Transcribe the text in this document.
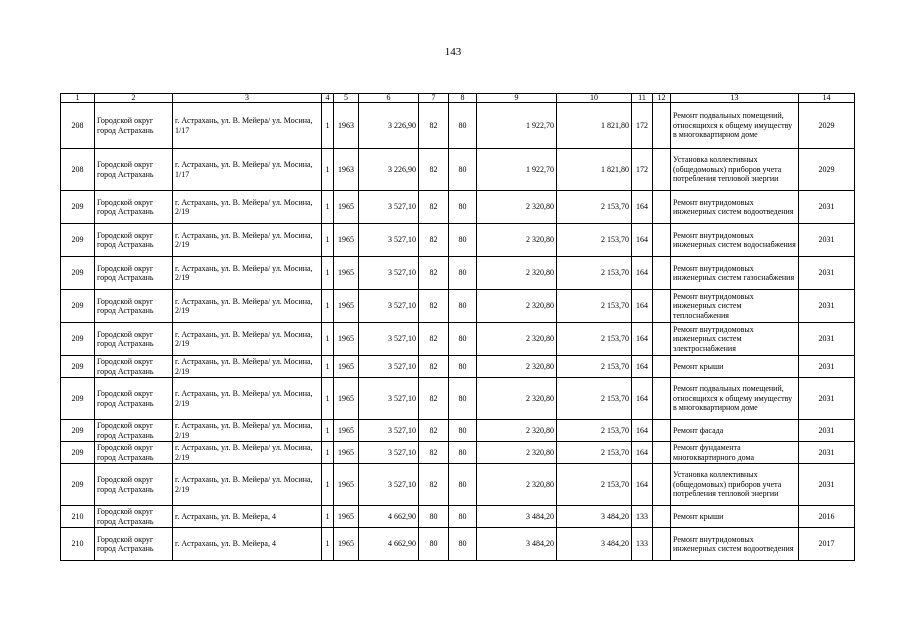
143
1	2	3	4	5	6	7	8	9	10	11	12	13	14
208	Городской округ город Астрахань	г. Астрахань, ул. В. Мейера/ ул. Мосина, 1/17	1	1963	3 226,90	82	80	1 922,70	1 821,80	172		Ремонт подвальных помещений, относящихся к общему имуществу в многоквартирном доме	2029
208	Городской округ город Астрахань	г. Астрахань, ул. В. Мейера/ ул. Мосина, 1/17	1	1963	3 226,90	82	80	1 922,70	1 821,80	172		Установка коллективных (общедомовых) приборов учета потребления тепловой энергии	2029
209	Городской округ город Астрахань	г. Астрахань, ул. В. Мейера/ ул. Мосина, 2/19	1	1965	3 527,10	82	80	2 320,80	2 153,70	164		Ремонт внутридомовых инженерных систем водоотведения	2031
209	Городской округ город Астрахань	г. Астрахань, ул. В. Мейера/ ул. Мосина, 2/19	1	1965	3 527,10	82	80	2 320,80	2 153,70	164		Ремонт внутридомовых инженерных систем водоснабжения	2031
209	Городской округ город Астрахань	г. Астрахань, ул. В. Мейера/ ул. Мосина, 2/19	1	1965	3 527,10	82	80	2 320,80	2 153,70	164		Ремонт внутридомовых инженерных систем газоснабжения	2031
209	Городской округ город Астрахань	г. Астрахань, ул. В. Мейера/ ул. Мосина, 2/19	1	1965	3 527,10	82	80	2 320,80	2 153,70	164		Ремонт внутридомовых инженерных систем теплоснабжения	2031
209	Городской округ город Астрахань	г. Астрахань, ул. В. Мейера/ ул. Мосина, 2/19	1	1965	3 527,10	82	80	2 320,80	2 153,70	164		Ремонт внутридомовых инженерных систем электроснабжения	2031
209	Городской округ город Астрахань	г. Астрахань, ул. В. Мейера/ ул. Мосина, 2/19	1	1965	3 527,10	82	80	2 320,80	2 153,70	164		Ремонт крыши	2031
209	Городской округ город Астрахань	г. Астрахань, ул. В. Мейера/ ул. Мосина, 2/19	1	1965	3 527,10	82	80	2 320,80	2 153,70	164		Ремонт подвальных помещений, относящихся к общему имуществу в многоквартирном доме	2031
209	Городской округ город Астрахань	г. Астрахань, ул. В. Мейера/ ул. Мосина, 2/19	1	1965	3 527,10	82	80	2 320,80	2 153,70	164		Ремонт фасада	2031
209	Городской округ город Астрахань	г. Астрахань, ул. В. Мейера/ ул. Мосина, 2/19	1	1965	3 527,10	82	80	2 320,80	2 153,70	164		Ремонт фундамента многоквартирного дома	2031
209	Городской округ город Астрахань	г. Астрахань, ул. В. Мейера/ ул. Мосина, 2/19	1	1965	3 527,10	82	80	2 320,80	2 153,70	164		Установка коллективных (общедомовых) приборов учета потребления тепловой энергии	2031
210	Городской округ город Астрахань	г. Астрахань, ул. В. Мейера, 4	1	1965	4 662,90	80	80	3 484,20	3 484,20	133		Ремонт крыши	2016
210	Городской округ город Астрахань	г. Астрахань, ул. В. Мейера, 4	1	1965	4 662,90	80	80	3 484,20	3 484,20	133		Ремонт внутридомовых инженерных систем водоотведения	2017
